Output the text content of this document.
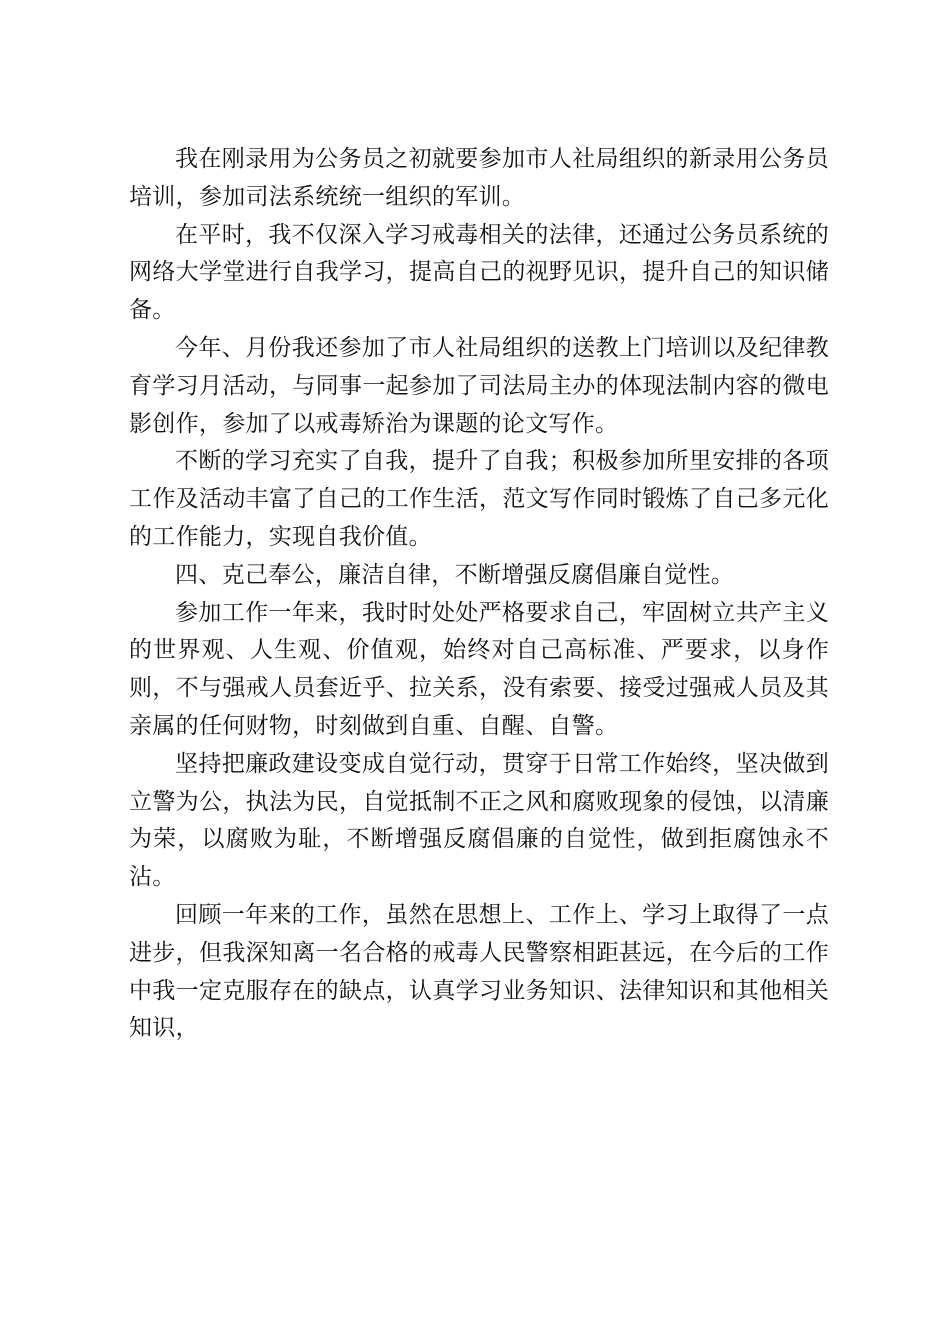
我在刚录用为公务员之初就要参加市人社局组织的新录用公务员培训，参加司法系统统一组织的军训。

在平时，我不仅深入学习戒毒相关的法律，还通过公务员系统的网络大学堂进行自我学习，提高自己的视野见识，提升自己的知识储备。

今年、月份我还参加了市人社局组织的送教上门培训以及纪律教育学习月活动，与同事一起参加了司法局主办的体现法制内容的微电影创作，参加了以戒毒矫治为课题的论文写作。

不断的学习充实了自我，提升了自我；积极参加所里安排的各项工作及活动丰富了自己的工作生活，范文写作同时锻炼了自己多元化的工作能力，实现自我价值。

四、克己奉公，廉洁自律，不断增强反腐倡廉自觉性。

参加工作一年来，我时时处处严格要求自己，牢固树立共产主义的世界观、人生观、价值观，始终对自己高标准、严要求，以身作则，不与强戒人员套近乎、拉关系，没有索要、接受过强戒人员及其亲属的任何财物，时刻做到自重、自醒、自警。

坚持把廉政建设变成自觉行动，贯穿于日常工作始终，坚决做到立警为公，执法为民，自觉抵制不正之风和腐败现象的侵蚀，以清廉为荣，以腐败为耻，不断增强反腐倡廉的自觉性，做到拒腐蚀永不沾。

回顾一年来的工作，虽然在思想上、工作上、学习上取得了一点进步，但我深知离一名合格的戒毒人民警察相距甚远，在今后的工作中我一定克服存在的缺点，认真学习业务知识、法律知识和其他相关知识，
